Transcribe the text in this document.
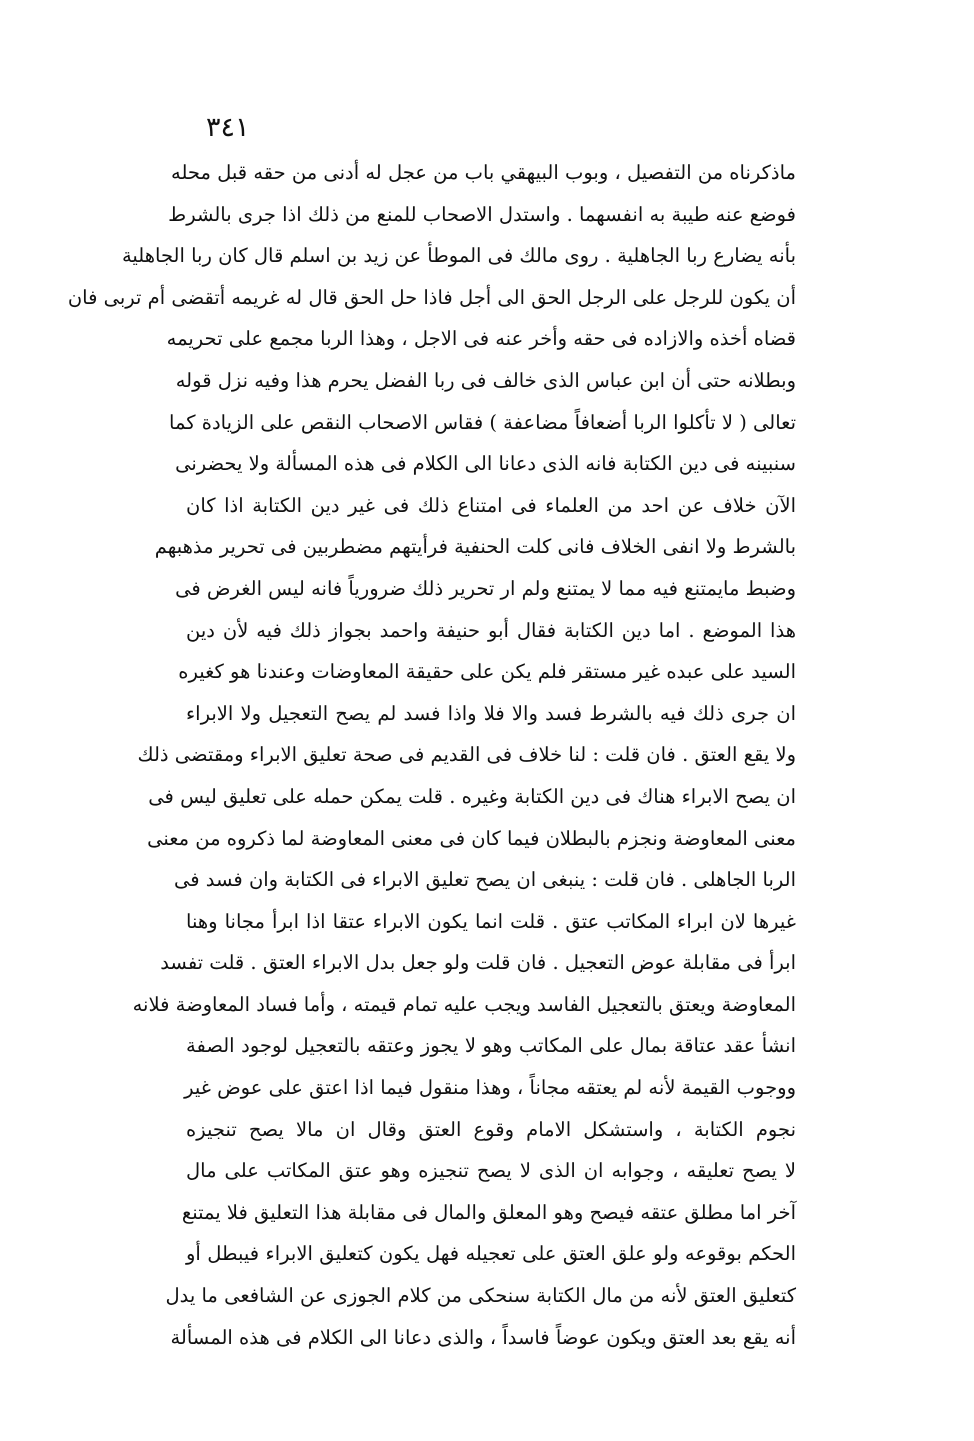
٣٤١
ماذكرناه من التفصيل ، وبوب البيهقي باب من عجل له أدنى من حقه قبل محله
فوضع عنه طيبة به انفسهما . واستدل الاصحاب للمنع من ذلك اذا جرى بالشرط
بأنه يضارع ربا الجاهلية . روى مالك فى الموطأ عن زيد بن اسلم قال كان ربا الجاهلية
أن يكون للرجل على الرجل الحق الى أجل فاذا حل الحق قال له غريمه أتقضى أم تربى فان
قضاه أخذه والازاده فى حقه وأخر عنه فى الاجل ، وهذا الربا مجمع على تحريمه
وبطلانه حتى أن ابن عباس الذى خالف فى ربا الفضل يحرم هذا وفيه نزل قوله
تعالى ( لا تأكلوا الربا أضعافاً مضاعفة ) فقاس الاصحاب النقص على الزيادة كما
سنبينه فى دين الكتابة فانه الذى دعانا الى الكلام فى هذه المسألة ولا يحضرنى
الآن خلاف عن احد من العلماء فى امتناع ذلك فى غير دين الكتابة اذا كان
بالشرط ولا انفى الخلاف فانى كلت الحنفية فرأيتهم مضطربين فى تحرير مذهبهم
وضبط مايمتنع فيه مما لا يمتنع ولم ار تحرير ذلك ضرورياً فانه ليس الغرض فى
هذا الموضع . اما دين الكتابة فقال أبو حنيفة واحمد بجواز ذلك فيه لأن دين
السيد على عبده غير مستقر فلم يكن على حقيقة المعاوضات وعندنا هو كغيره
ان جرى ذلك فيه بالشرط فسد والا فلا واذا فسد لم يصح التعجيل ولا الابراء
ولا يقع العتق . فان قلت : لنا خلاف فى القديم فى صحة تعليق الابراء ومقتضى ذلك
ان يصح الابراء هناك فى دين الكتابة وغيره . قلت يمكن حمله على تعليق ليس فى
معنى المعاوضة ونجزم بالبطلان فيما كان فى معنى المعاوضة لما ذكروه من معنى
الربا الجاهلى . فان قلت : ينبغى ان يصح تعليق الابراء فى الكتابة وان فسد فى
غيرها لان ابراء المكاتب عتق . قلت انما يكون الابراء عتقا اذا ابرأ مجانا وهنا
ابرأ فى مقابلة عوض التعجيل . فان قلت ولو جعل بدل الابراء العتق . قلت تفسد
المعاوضة ويعتق بالتعجيل الفاسد ويجب عليه تمام قيمته ، وأما فساد المعاوضة فلانه
انشأ عقد عتاقة بمال على المكاتب وهو لا يجوز وعتقه بالتعجيل لوجود الصفة
ووجوب القيمة لأنه لم يعتقه مجاناً ، وهذا منقول فيما اذا اعتق على عوض غير
نجوم الكتابة ، واستشكل الامام وقوع العتق وقال ان مالا يصح تنجيزه
لا يصح تعليقه ، وجوابه ان الذى لا يصح تنجيزه وهو عتق المكاتب على مال
آخر اما مطلق عتقه فيصح وهو المعلق والمال فى مقابلة هذا التعليق فلا يمتنع
الحكم بوقوعه ولو علق العتق على تعجيله فهل يكون كتعليق الابراء فيبطل أو
كتعليق العتق لأنه من مال الكتابة سنحكى من كلام الجوزى عن الشافعى ما يدل
أنه يقع بعد العتق ويكون عوضاً فاسداً ، والذى دعانا الى الكلام فى هذه المسألة
